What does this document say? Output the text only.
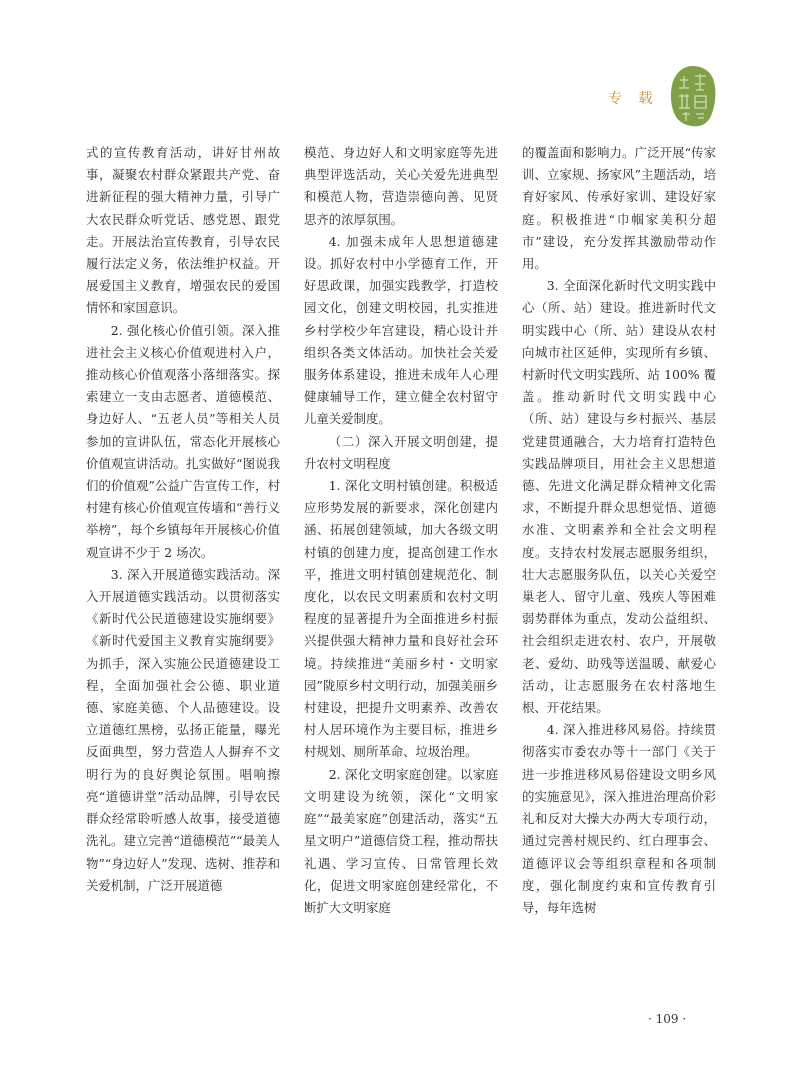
专 载

式的宣传教育活动，讲好甘州故事，凝聚农村群众紧跟共产党、奋进新征程的强大精神力量，引导广大农民群众听党话、感党恩、跟党走。开展法治宣传教育，引导农民履行法定义务，依法维护权益。开展爱国主义教育，增强农民的爱国情怀和家国意识。

2. 强化核心价值引领。深入推进社会主义核心价值观进村入户，推动核心价值观落小落细落实。探索建立一支由志愿者、道德模范、身边好人、“五老人员”等相关人员参加的宣讲队伍，常态化开展核心价值观宣讲活动。扎实做好“图说我们的价值观”公益广告宣传工作，村村建有核心价值观宣传墙和“善行义举榜”，每个乡镇每年开展核心价值观宣讲不少于 2 场次。

3. 深入开展道德实践活动。深入开展道德实践活动。以贯彻落实《新时代公民道德建设实施纲要》《新时代爱国主义教育实施纲要》为抓手，深入实施公民道德建设工程，全面加强社会公德、职业道德、家庭美德、个人品德建设。设立道德红黑榜，弘扬正能量，曝光反面典型，努力营造人人摒弃不文明行为的良好舆论氛围。唱响擦亮“道德讲堂”活动品牌，引导农民群众经常聆听感人故事，接受道德洗礼。建立完善“道德模范”“最美人物”“身边好人”发现、选树、推荐和关爱机制，广泛开展道德

模范、身边好人和文明家庭等先进典型评选活动，关心关爱先进典型和模范人物，营造崇德向善、见贤思齐的浓厚氛围。

4. 加强未成年人思想道德建设。抓好农村中小学德育工作，开好思政课，加强实践教学，打造校园文化，创建文明校园，扎实推进乡村学校少年宫建设，精心设计并组织各类文体活动。加快社会关爱服务体系建设，推进未成年人心理健康辅导工作，建立健全农村留守儿童关爱制度。

（二）深入开展文明创建，提升农村文明程度

1. 深化文明村镇创建。积极适应形势发展的新要求，深化创建内涵、拓展创建领域，加大各级文明村镇的创建力度，提高创建工作水平，推进文明村镇创建规范化、制度化，以农民文明素质和农村文明程度的显著提升为全面推进乡村振兴提供强大精神力量和良好社会环境。持续推进“美丽乡村・文明家园”陇原乡村文明行动，加强美丽乡村建设，把提升文明素养、改善农村人居环境作为主要目标，推进乡村规划、厕所革命、垃圾治理。

2. 深化文明家庭创建。以家庭文明建设为统领，深化“文明家庭”“最美家庭”创建活动，落实“五星文明户”道德信贷工程，推动帮扶礼遇、学习宣传、日常管理长效化，促进文明家庭创建经常化，不断扩大文明家庭

的覆盖面和影响力。广泛开展“传家训、立家规、扬家风”主题活动，培育好家风、传承好家训、建设好家庭。积极推进“巾帼家美积分超市”建设，充分发挥其激励带动作用。

3. 全面深化新时代文明实践中心（所、站）建设。推进新时代文明实践中心（所、站）建设从农村向城市社区延伸，实现所有乡镇、村新时代文明实践所、站 100% 覆盖。推动新时代文明实践中心（所、站）建设与乡村振兴、基层党建贯通融合，大力培育打造特色实践品牌项目，用社会主义思想道德、先进文化满足群众精神文化需求，不断提升群众思想觉悟、道德水准、文明素养和全社会文明程度。支持农村发展志愿服务组织，壮大志愿服务队伍，以关心关爱空巢老人、留守儿童、残疾人等困难弱势群体为重点，发动公益组织、社会组织走进农村、农户，开展敬老、爱幼、助残等送温暖、献爱心活动，让志愿服务在农村落地生根、开花结果。

4. 深入推进移风易俗。持续贯彻落实市委农办等十一部门《关于进一步推进移风易俗建设文明乡风的实施意见》，深入推进治理高价彩礼和反对大操大办两大专项行动，通过完善村规民约、红白理事会、道德评议会等组织章程和各项制度，强化制度约束和宣传教育引导，每年选树

· 109 ·
